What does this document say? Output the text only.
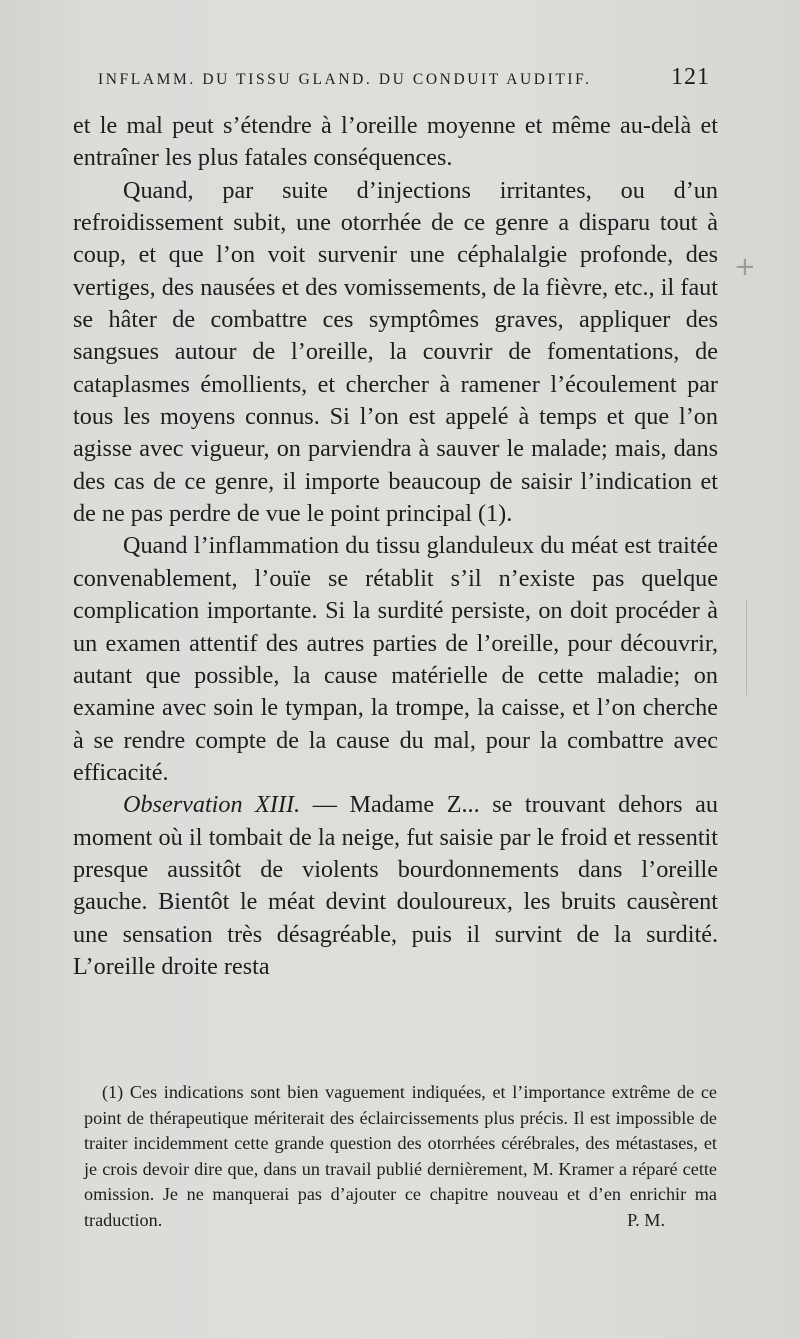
INFLAMM. DU TISSU GLAND. DU CONDUIT AUDITIF.	121

et le mal peut s’étendre à l’oreille moyenne et même au-delà et entraîner les plus fatales conséquences.

Quand, par suite d’injections irritantes, ou d’un refroidissement subit, une otorrhée de ce genre a disparu tout à coup, et que l’on voit survenir une céphalalgie profonde, des vertiges, des nausées et des vomissements, de la fièvre, etc., il faut se hâter de combattre ces symptômes graves, appliquer des sangsues autour de l’oreille, la couvrir de fomentations, de cataplasmes émollients, et chercher à ramener l’écoulement par tous les moyens connus. Si l’on est appelé à temps et que l’on agisse avec vigueur, on parviendra à sauver le malade; mais, dans des cas de ce genre, il importe beaucoup de saisir l’indication et de ne pas perdre de vue le point principal (1).

Quand l’inflammation du tissu glanduleux du méat est traitée convenablement, l’ouïe se rétablit s’il n’existe pas quelque complication importante. Si la surdité persiste, on doit procéder à un examen attentif des autres parties de l’oreille, pour découvrir, autant que possible, la cause matérielle de cette maladie; on examine avec soin le tympan, la trompe, la caisse, et l’on cherche à se rendre compte de la cause du mal, pour la combattre avec efficacité.

Observation XIII. — Madame Z... se trouvant dehors au moment où il tombait de la neige, fut saisie par le froid et ressentit presque aussitôt de violents bourdonnements dans l’oreille gauche. Bientôt le méat devint douloureux, les bruits causèrent une sensation très désagréable, puis il survint de la surdité. L’oreille droite resta

(1) Ces indications sont bien vaguement indiquées, et l’importance extrême de ce point de thérapeutique mériterait des éclaircissements plus précis. Il est impossible de traiter incidemment cette grande question des otorrhées cérébrales, des métastases, et je crois devoir dire que, dans un travail publié dernièrement, M. Kramer a réparé cette omission. Je ne manquerai pas d’ajouter ce chapitre nouveau et d’en enrichir ma traduction.	P. M.

+
